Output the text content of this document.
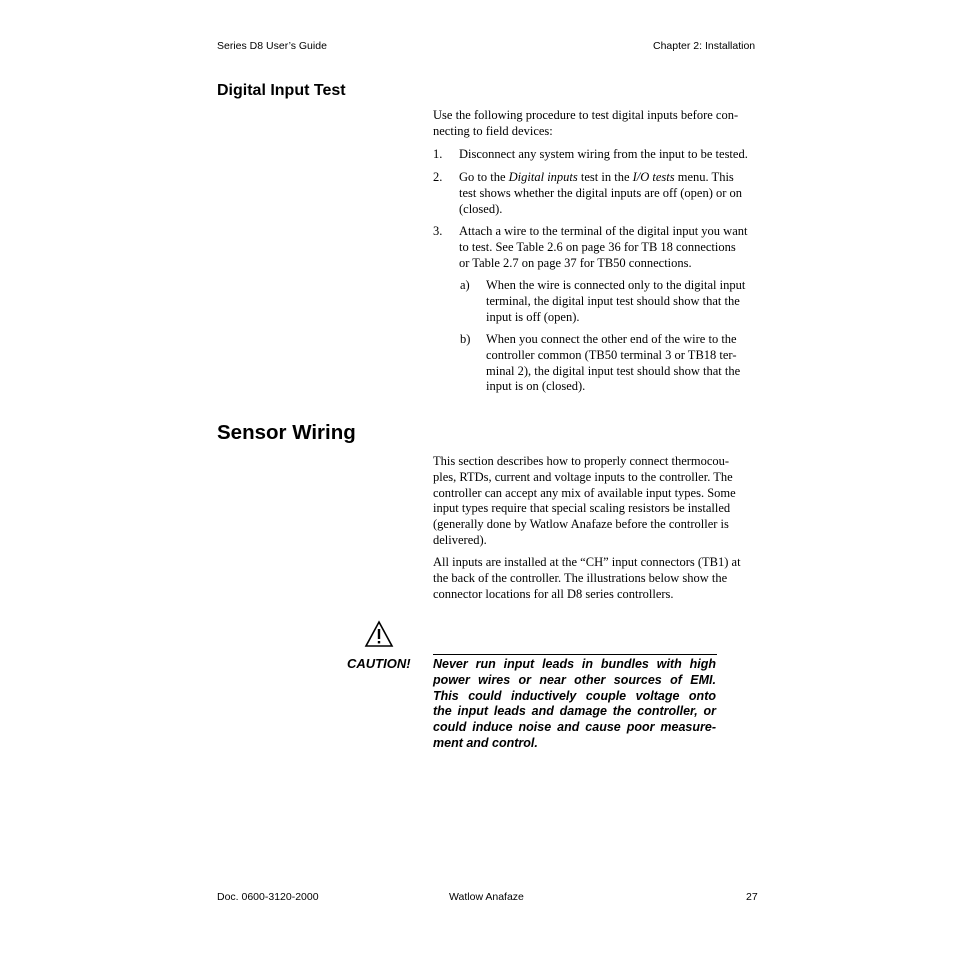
Series D8 User’s Guide	Chapter 2: Installation
Digital Input Test
Use the following procedure to test digital inputs before con-
necting to field devices:
1. Disconnect any system wiring from the input to be tested.
2. Go to the Digital inputs test in the I/O tests menu. This
test shows whether the digital inputs are off (open) or on
(closed).
3. Attach a wire to the terminal of the digital input you want
to test. See Table 2.6 on page 36 for TB 18 connections
or Table 2.7 on page 37 for TB50 connections.
a) When the wire is connected only to the digital input
terminal, the digital input test should show that the
input is off (open).
b) When you connect the other end of the wire to the
controller common (TB50 terminal 3 or TB18 ter-
minal 2), the digital input test should show that the
input is on (closed).
Sensor Wiring
This section describes how to properly connect thermocou-
ples, RTDs, current and voltage inputs to the controller. The
controller can accept any mix of available input types. Some
input types require that special scaling resistors be installed
(generally done by Watlow Anafaze before the controller is
delivered).
All inputs are installed at the “CH” input connectors (TB1) at
the back of the controller. The illustrations below show the
connector locations for all D8 series controllers.
CAUTION! Never run input leads in bundles with high
power wires or near other sources of EMI.
This could inductively couple voltage onto
the input leads and damage the controller, or
could induce noise and cause poor measure-
ment and control.
Doc. 0600-3120-2000	Watlow Anafaze	27
